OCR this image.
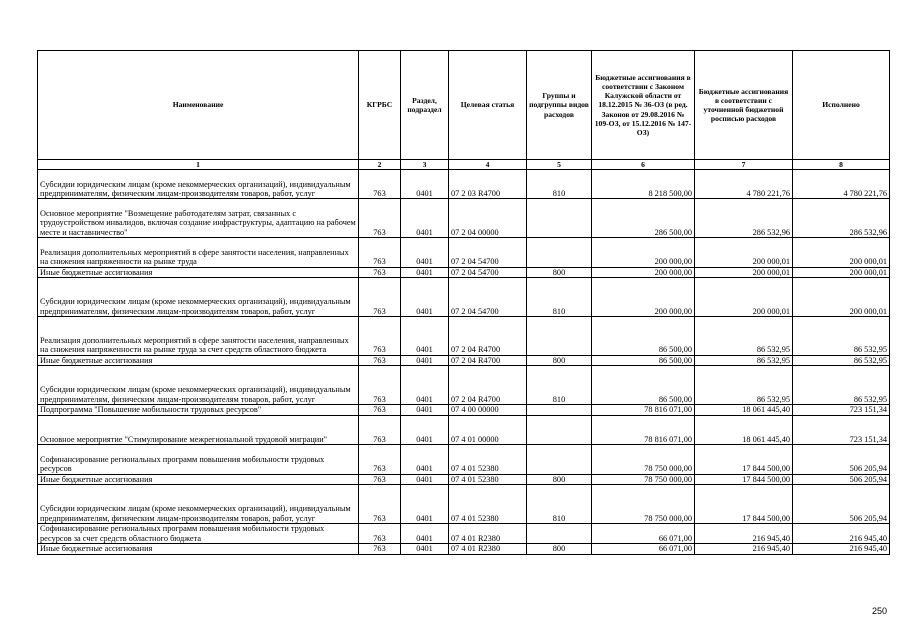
Наименование	КГРБС	Раздел, подраздел	Целевая статья	Группы и подгруппы видов расходов	Бюджетные ассигнования в соответствии с Законом Калужской области от 18.12.2015 № 36-ОЗ (в ред. Законов от 29.08.2016 № 109-ОЗ, от 15.12.2016 № 147-ОЗ)	Бюджетные ассигнования в соответствии с уточненной бюджетной росписью расходов	Исполнено
1	2	3	4	5	6	7	8
Субсидии юридическим лицам (кроме некоммерческих организаций), индивидуальным предпринимателям, физическим лицам-производителям товаров, работ, услуг	763	0401	07 2 03 R4700	810	8 218 500,00	4 780 221,76	4 780 221,76
Основное мероприятие "Возмещение работодателям затрат, связанных с трудоустройством инвалидов, включая создание инфраструктуры, адаптацию на рабочем месте и наставничество"	763	0401	07 2 04 00000		286 500,00	286 532,96	286 532,96
Реализация дополнительных мероприятий в сфере занятости населения, направленных на снижения напряженности на рынке труда	763	0401	07 2 04 54700		200 000,00	200 000,01	200 000,01
Иные бюджетные ассигнования	763	0401	07 2 04 54700	800	200 000,00	200 000,01	200 000,01
Субсидии юридическим лицам (кроме некоммерческих организаций), индивидуальным предпринимателям, физическим лицам-производителям товаров, работ, услуг	763	0401	07 2 04 54700	810	200 000,00	200 000,01	200 000,01
Реализация дополнительных мероприятий в сфере занятости населения, направленных на снижения напряженности на рынке труда за счет средств областного бюджета	763	0401	07 2 04 R4700		86 500,00	86 532,95	86 532,95
Иные бюджетные ассигнования	763	0401	07 2 04 R4700	800	86 500,00	86 532,95	86 532,95
Субсидии юридическим лицам (кроме некоммерческих организаций), индивидуальным предпринимателям, физическим лицам-производителям товаров, работ, услуг	763	0401	07 2 04 R4700	810	86 500,00	86 532,95	86 532,95
Подпрограмма "Повышение мобильности трудовых ресурсов"	763	0401	07 4 00 00000		78 816 071,00	18 061 445,40	723 151,34
Основное мероприятие "Стимулирование межрегиональной трудовой миграции"	763	0401	07 4 01 00000		78 816 071,00	18 061 445,40	723 151,34
Софинансирование региональных программ повышения мобильности трудовых ресурсов	763	0401	07 4 01 52380		78 750 000,00	17 844 500,00	506 205,94
Иные бюджетные ассигнования	763	0401	07 4 01 52380	800	78 750 000,00	17 844 500,00	506 205,94
Субсидии юридическим лицам (кроме некоммерческих организаций), индивидуальным предпринимателям, физическим лицам-производителям товаров, работ, услуг	763	0401	07 4 01 52380	810	78 750 000,00	17 844 500,00	506 205,94
Софинансирование региональных программ повышения мобильности трудовых ресурсов за счет средств областного бюджета	763	0401	07 4 01 R2380		66 071,00	216 945,40	216 945,40
Иные бюджетные ассигнования	763	0401	07 4 01 R2380	800	66 071,00	216 945,40	216 945,40
250
